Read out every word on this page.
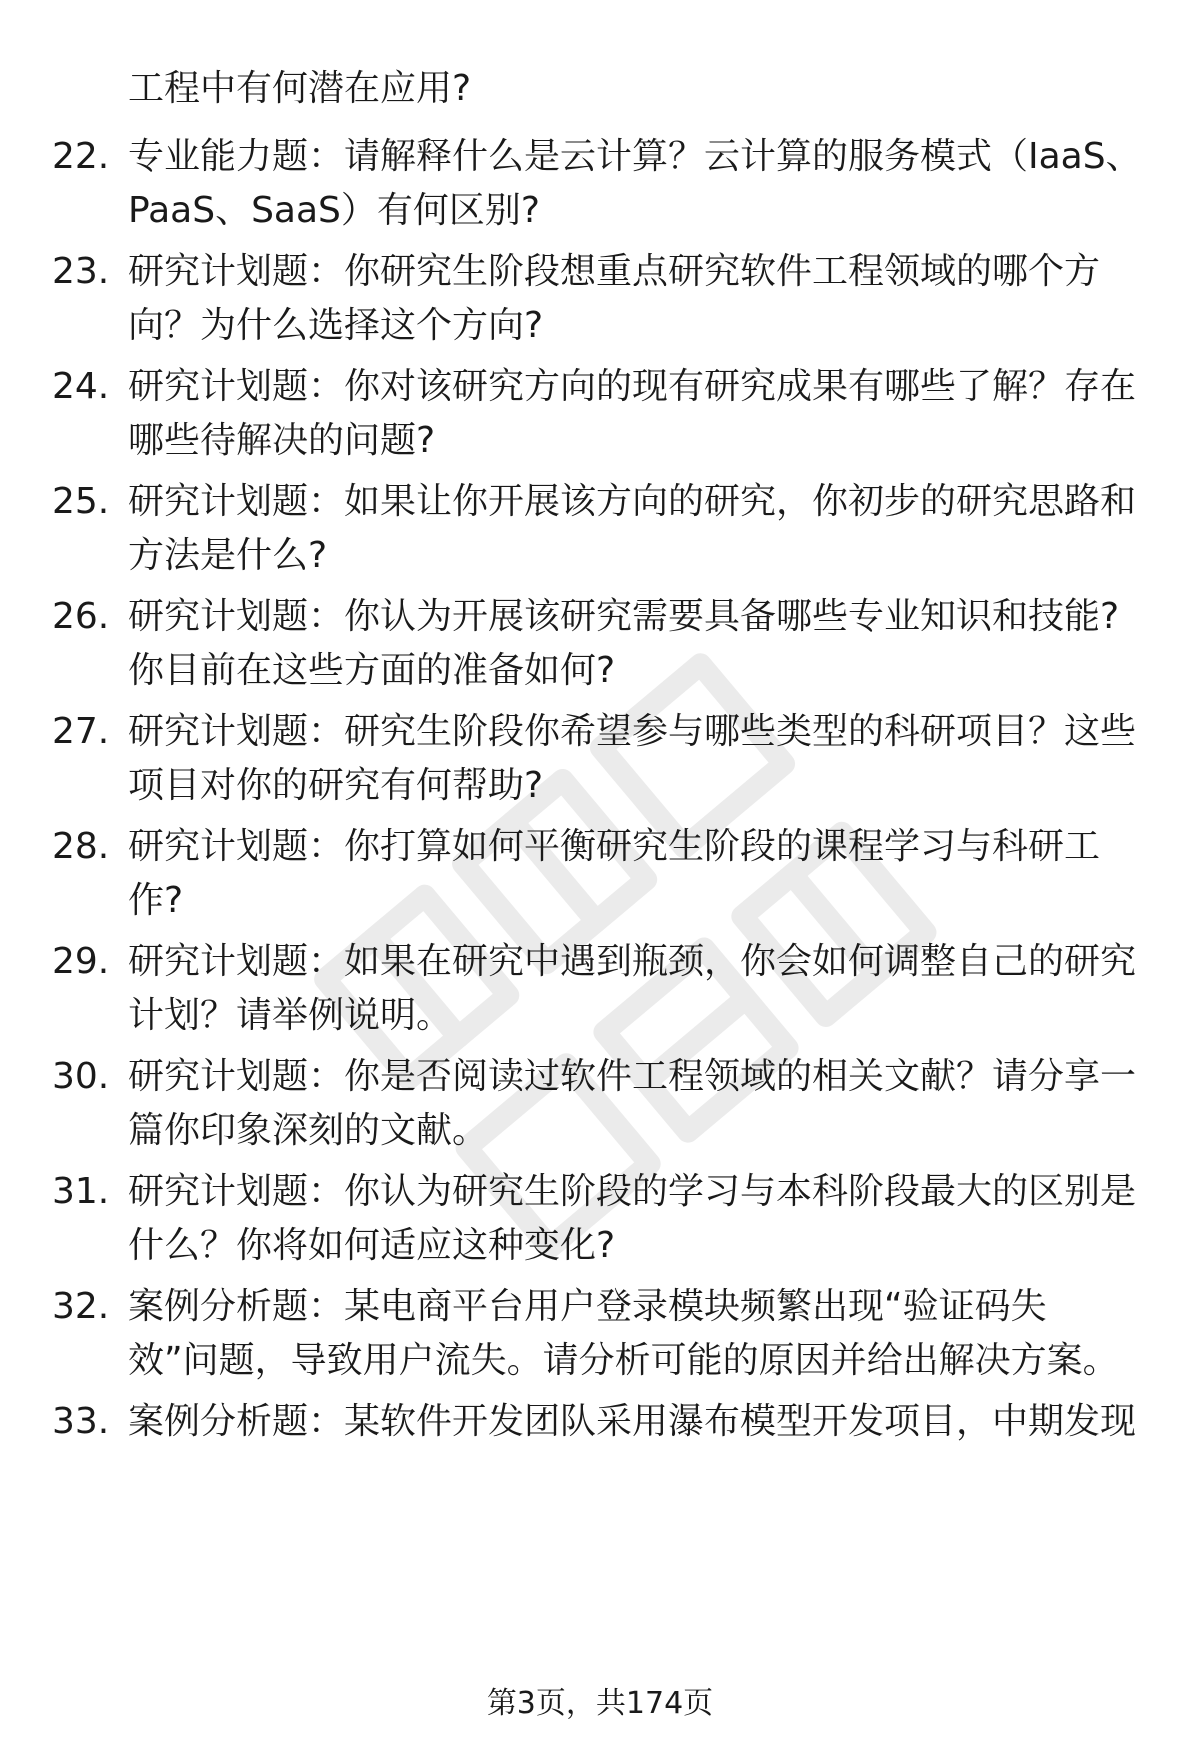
工程中有何潜在应用?

22. 专业能力题：请解释什么是云计算？云计算的服务模式（IaaS、
PaaS、SaaS）有何区别?
23. 研究计划题：你研究生阶段想重点研究软件工程领域的哪个方
向？为什么选择这个方向?
24. 研究计划题：你对该研究方向的现有研究成果有哪些了解？存在
哪些待解决的问题?
25. 研究计划题：如果让你开展该方向的研究，你初步的研究思路和
方法是什么?
26. 研究计划题：你认为开展该研究需要具备哪些专业知识和技能?
你目前在这些方面的准备如何?
27. 研究计划题：研究生阶段你希望参与哪些类型的科研项目？这些
项目对你的研究有何帮助?
28. 研究计划题：你打算如何平衡研究生阶段的课程学习与科研工
作?
29. 研究计划题：如果在研究中遇到瓶颈，你会如何调整自己的研究
计划？请举例说明。
30. 研究计划题：你是否阅读过软件工程领域的相关文献？请分享一
篇你印象深刻的文献。
31. 研究计划题：你认为研究生阶段的学习与本科阶段最大的区别是
什么？你将如何适应这种变化?
32. 案例分析题：某电商平台用户登录模块频繁出现“验证码失
效”问题，导致用户流失。请分析可能的原因并给出解决方案。
33. 案例分析题：某软件开发团队采用瀑布模型开发项目，中期发现
第3页，共174页
